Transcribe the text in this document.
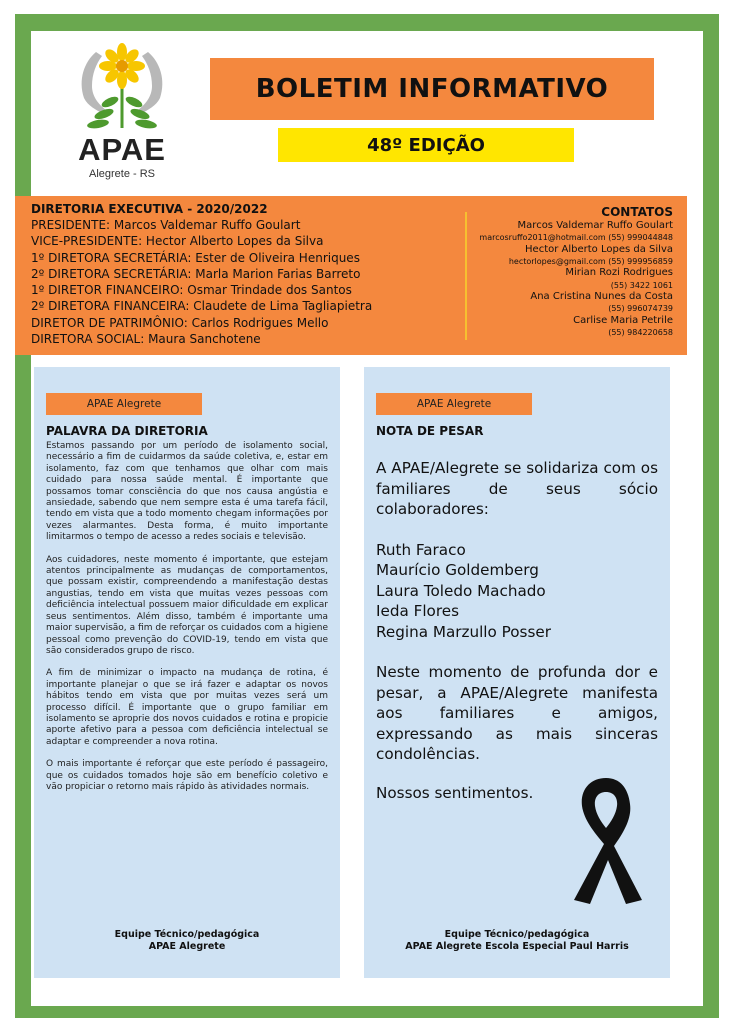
APAE
Alegrete - RS
BOLETIM INFORMATIVO
48º EDIÇÃO
DIRETORIA EXECUTIVA - 2020/2022
PRESIDENTE: Marcos Valdemar Ruffo Goulart
VICE-PRESIDENTE: Hector Alberto Lopes da Silva
1º DIRETORA SECRETÁRIA: Ester de Oliveira Henriques
2º DIRETORA SECRETÁRIA: Marla Marion Farias Barreto
1º DIRETOR FINANCEIRO: Osmar Trindade dos Santos
2º DIRETORA FINANCEIRA: Claudete de Lima Tagliapietra
DIRETOR DE PATRIMÔNIO: Carlos Rodrigues Mello
DIRETORA SOCIAL: Maura Sanchotene
CONTATOS
Marcos Valdemar Ruffo Goulart
marcosruffo2011@hotmail.com (55) 999044848
Hector Alberto Lopes da Silva
hectorlopes@gmail.com (55) 999956859
Mirian Rozi Rodrigues
(55) 3422 1061
Ana Cristina Nunes da Costa
(55) 996074739
Carlise Maria Petrile
(55) 984220658
APAE Alegrete
PALAVRA DA DIRETORIA

Estamos passando por um período de isolamento social, necessário a fim de cuidarmos da saúde coletiva, e, estar em isolamento, faz com que tenhamos que olhar com mais cuidado para nossa saúde mental. É importante que possamos tomar consciência do que nos causa angústia e ansiedade, sabendo que nem sempre esta é uma tarefa fácil, tendo em vista que a todo momento chegam informações por vezes alarmantes. Desta forma, é muito importante limitarmos o tempo de acesso a redes sociais e televisão.

Aos cuidadores, neste momento é importante, que estejam atentos principalmente as mudanças de comportamentos, que possam existir, compreendendo a manifestação destas angustias, tendo em vista que muitas vezes pessoas com deficiência intelectual possuem maior dificuldade em explicar seus sentimentos. Além disso, também é importante uma maior supervisão, a fim de reforçar os cuidados com a higiene pessoal como prevenção do COVID-19, tendo em vista que são considerados grupo de risco.

A fim de minimizar o impacto na mudança de rotina, é importante planejar o que se irá fazer e adaptar os novos hábitos tendo em vista que por muitas vezes será um processo difícil. É importante que o grupo familiar em isolamento se aproprie dos novos cuidados e rotina e propicie aporte afetivo para a pessoa com deficiência intelectual se adaptar e compreender a nova rotina.

O mais importante é reforçar que este período é passageiro, que os cuidados tomados hoje são em benefício coletivo e vão propiciar o retorno mais rápido às atividades normais.

Equipe Técnico/pedagógica
APAE Alegrete
APAE Alegrete
NOTA DE PESAR

A APAE/Alegrete se solidariza com os familiares de seus sócio colaboradores:

Ruth Faraco
Maurício Goldemberg
Laura Toledo Machado
Ieda Flores
Regina Marzullo Posser

Neste momento de profunda dor e pesar, a APAE/Alegrete manifesta aos familiares e amigos, expressando as mais sinceras condolências.

Nossos sentimentos.
Equipe Técnico/pedagógica
APAE Alegrete Escola Especial Paul Harris
